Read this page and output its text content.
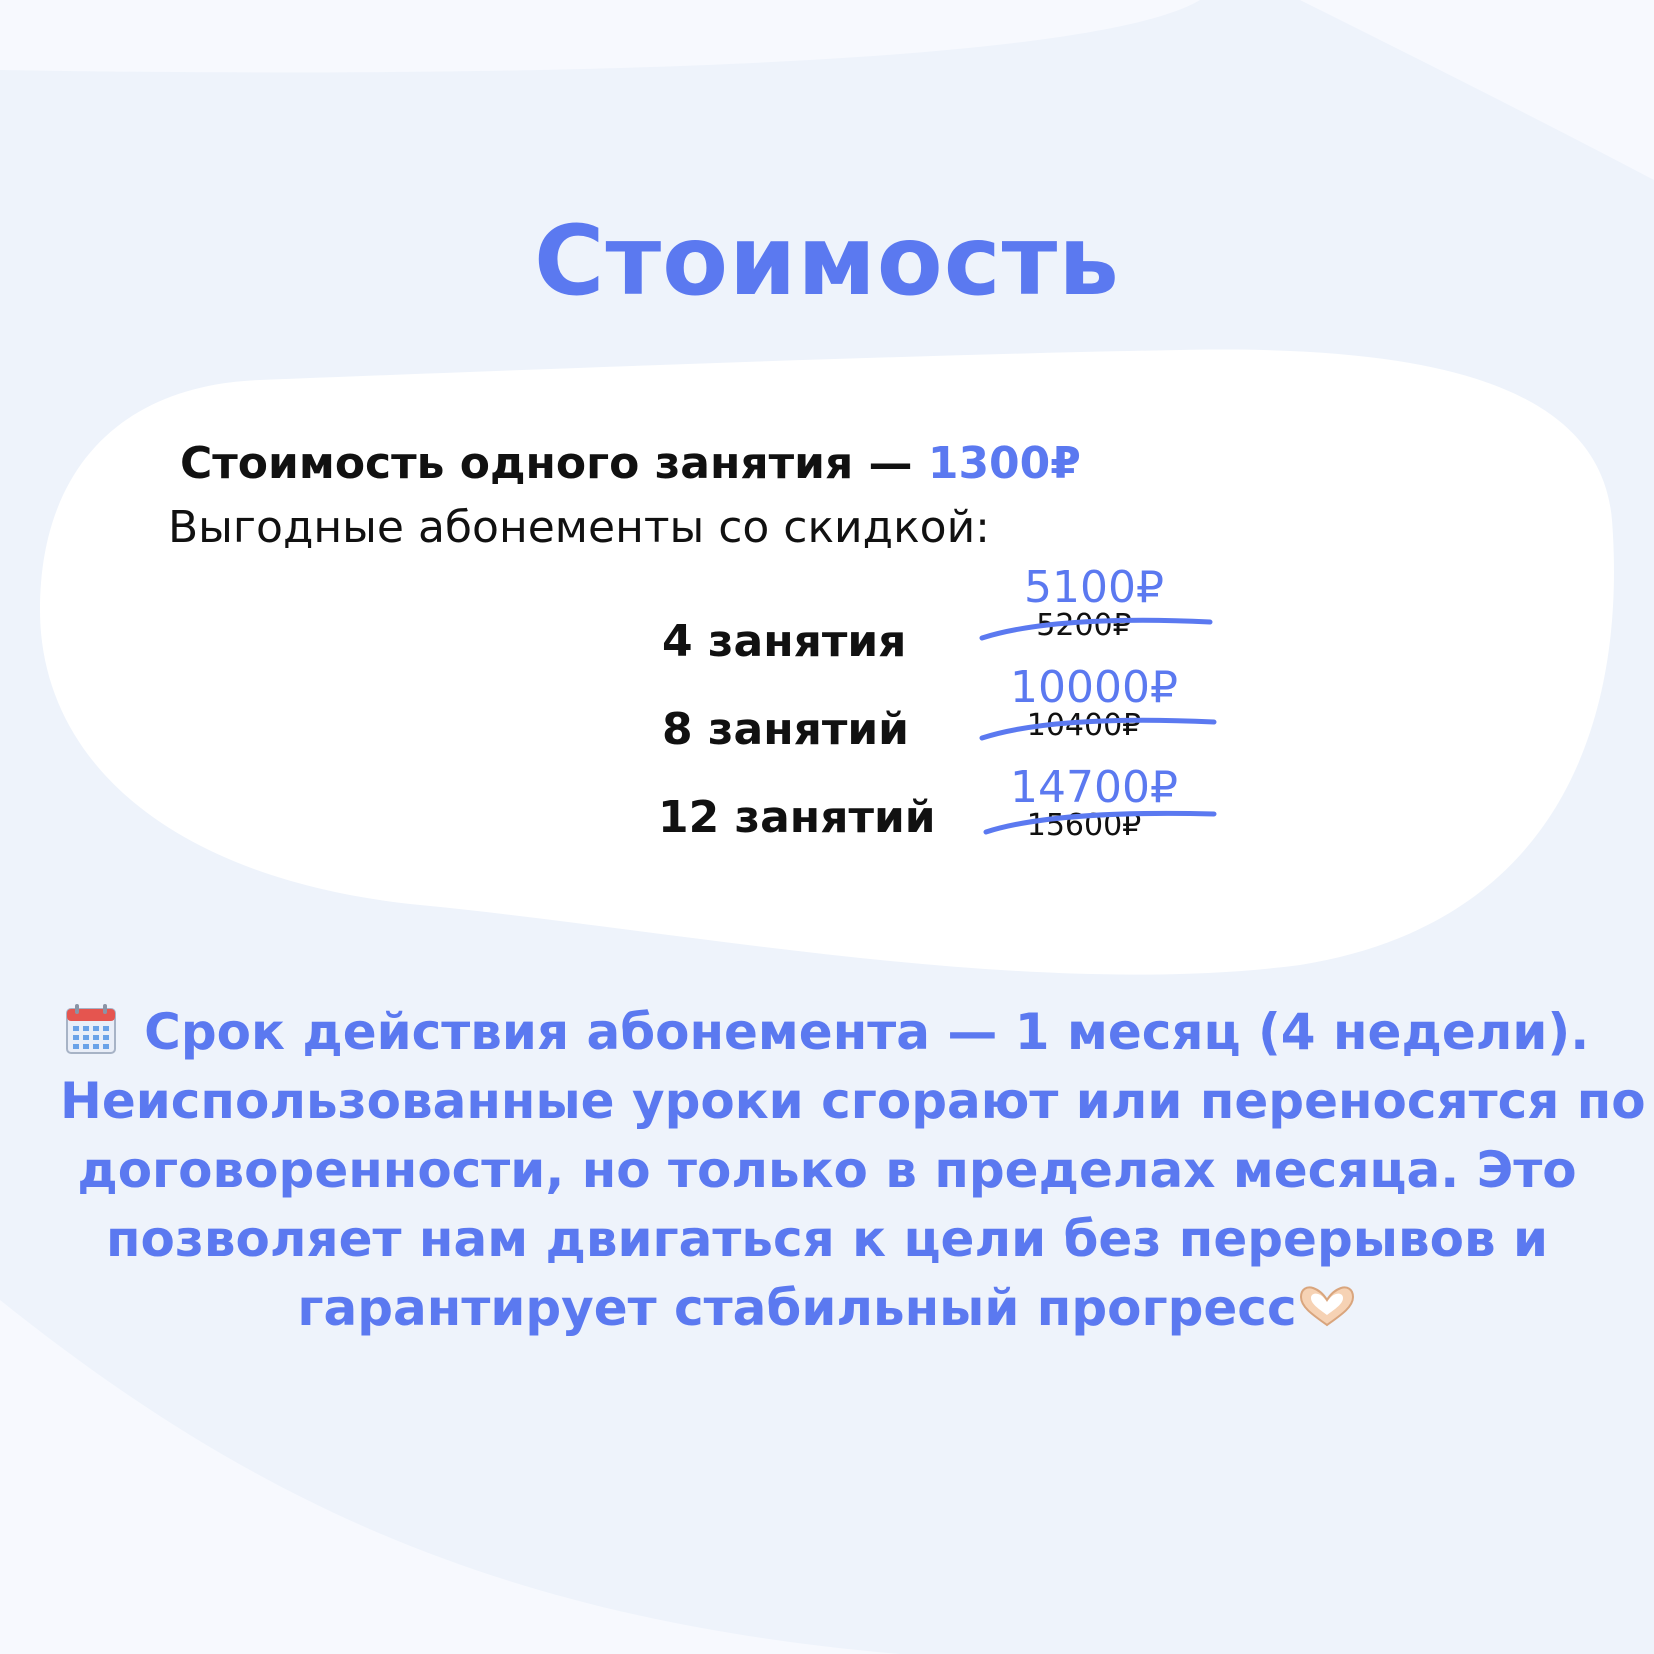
Стоимость
Стоимость одного занятия — 1300₽
Выгодные абонементы со скидкой:
4 занятия
5100₽
5200₽
8 занятий
10000₽
10400₽
12 занятий
14700₽
15600₽
Срок действия абонемента — 1 месяц (4 недели).
Неиспользованные уроки сгорают или переносятся по
договоренности, но только в пределах месяца. Это
позволяет нам двигаться к цели без перерывов и
гарантирует стабильный прогресс
